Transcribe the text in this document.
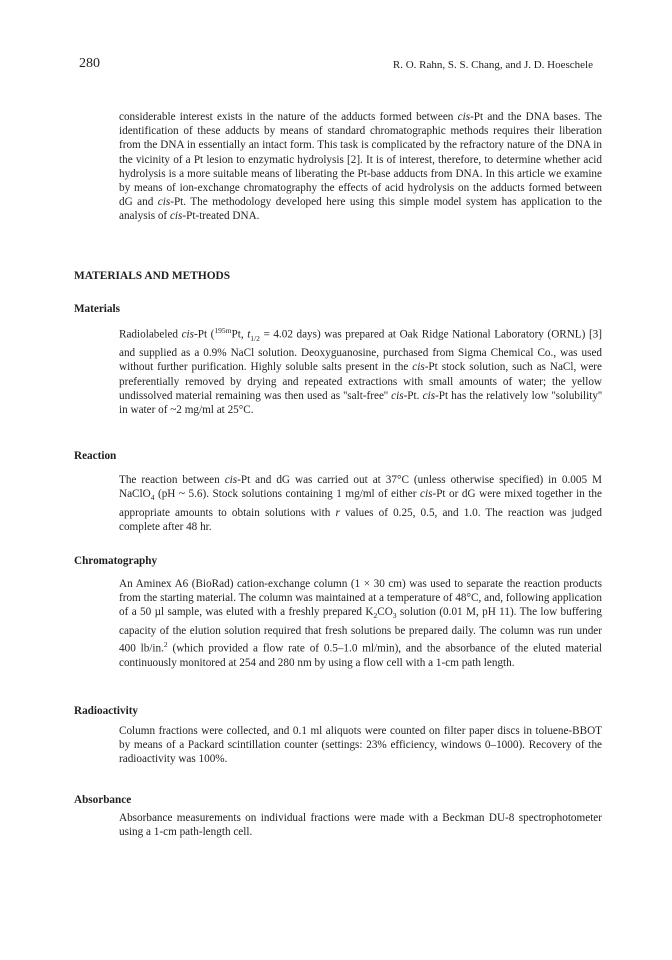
280	R. O. Rahn, S. S. Chang, and J. D. Hoeschele

considerable interest exists in the nature of the adducts formed between cis-Pt and the DNA bases. The identification of these adducts by means of standard chromatographic methods requires their liberation from the DNA in essentially an intact form. This task is complicated by the refractory nature of the DNA in the vicinity of a Pt lesion to enzymatic hydrolysis [2]. It is of interest, therefore, to determine whether acid hydrolysis is a more suitable means of liberating the Pt-base adducts from DNA. In this article we examine by means of ion-exchange chromatography the effects of acid hydrolysis on the adducts formed between dG and cis-Pt. The methodology developed here using this simple model system has application to the analysis of cis-Pt-treated DNA.

MATERIALS AND METHODS
Materials

Radiolabeled cis-Pt ($^{195m}$Pt, $t_{1/2} = 4.02$ days) was prepared at Oak Ridge National Laboratory (ORNL) [3] and supplied as a 0.9% NaCl solution. Deoxyguanosine, purchased from Sigma Chemical Co., was used without further purification. Highly soluble salts present in the cis-Pt stock solution, such as NaCl, were preferentially removed by drying and repeated extractions with small amounts of water; the yellow undissolved material remaining was then used as ''salt-free'' cis-Pt. cis-Pt has the relatively low ''solubility'' in water of ~2 mg/ml at 25°C.

Reaction

The reaction between cis-Pt and dG was carried out at 37°C (unless otherwise specified) in 0.005 M NaClO$_4$ (pH ~ 5.6). Stock solutions containing 1 mg/ml of either cis-Pt or dG were mixed together in the appropriate amounts to obtain solutions with r values of 0.25, 0.5, and 1.0. The reaction was judged complete after 48 hr.

Chromatography

An Aminex A6 (BioRad) cation-exchange column (1 × 30 cm) was used to separate the reaction products from the starting material. The column was maintained at a temperature of 48°C, and, following application of a 50 µl sample, was eluted with a freshly prepared $K_2CO_3$ solution (0.01 M, pH 11). The low buffering capacity of the elution solution required that fresh solutions be prepared daily. The column was run under 400 lb/in.$^2$ (which provided a flow rate of 0.5–1.0 ml/min), and the absorbance of the eluted material continuously monitored at 254 and 280 nm by using a flow cell with a 1-cm path length.

Radioactivity

Column fractions were collected, and 0.1 ml aliquots were counted on filter paper discs in toluene-BBOT by means of a Packard scintillation counter (settings: 23% efficiency, windows 0–1000). Recovery of the radioactivity was 100%.

Absorbance

Absorbance measurements on individual fractions were made with a Beckman DU-8 spectrophotometer using a 1-cm path-length cell.
